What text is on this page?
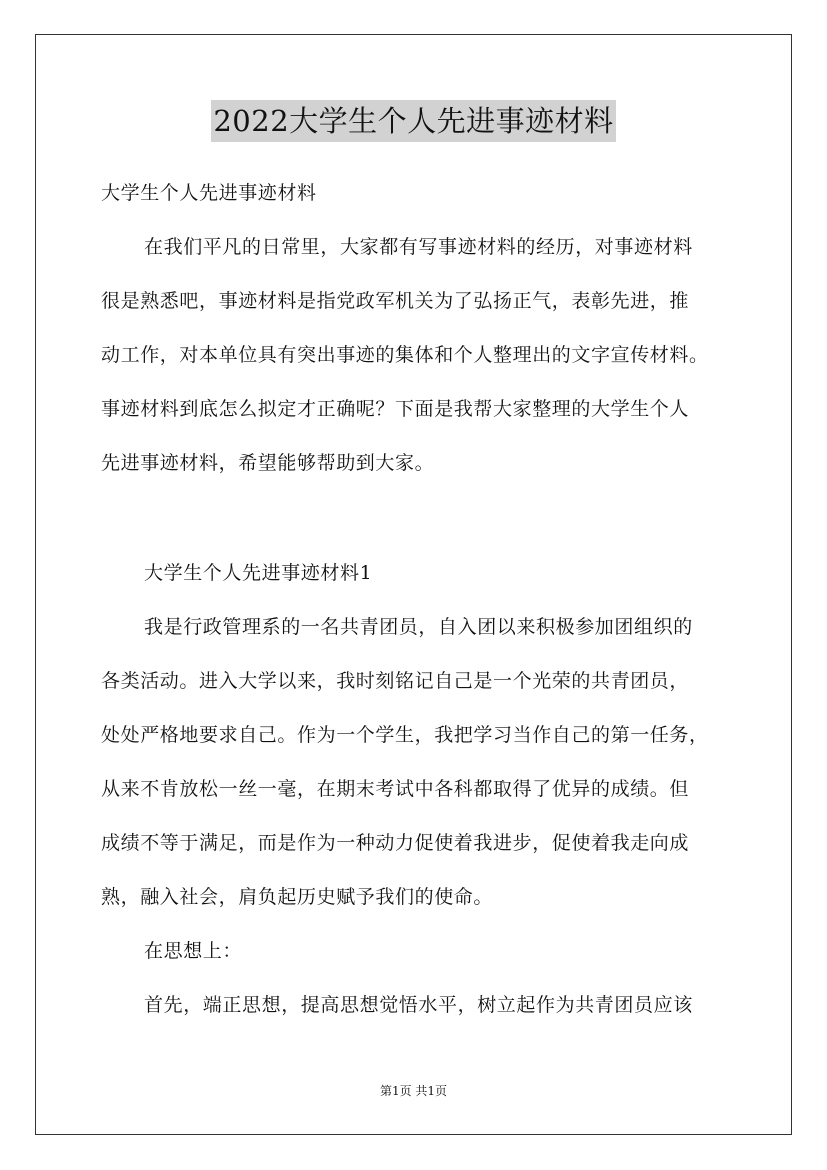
2022大学生个人先进事迹材料
大学生个人先进事迹材料
在我们平凡的日常里，大家都有写事迹材料的经历，对事迹材料
很是熟悉吧，事迹材料是指党政军机关为了弘扬正气，表彰先进，推
动工作，对本单位具有突出事迹的集体和个人整理出的文字宣传材料。
事迹材料到底怎么拟定才正确呢？下面是我帮大家整理的大学生个人
先进事迹材料，希望能够帮助到大家。
大学生个人先进事迹材料1
我是行政管理系的一名共青团员，自入团以来积极参加团组织的
各类活动。进入大学以来，我时刻铭记自己是一个光荣的共青团员，
处处严格地要求自己。作为一个学生，我把学习当作自己的第一任务，
从来不肯放松一丝一毫，在期末考试中各科都取得了优异的成绩。但
成绩不等于满足，而是作为一种动力促使着我进步，促使着我走向成
熟，融入社会，肩负起历史赋予我们的使命。
在思想上：
首先，端正思想，提高思想觉悟水平，树立起作为共青团员应该
第1页 共1页
